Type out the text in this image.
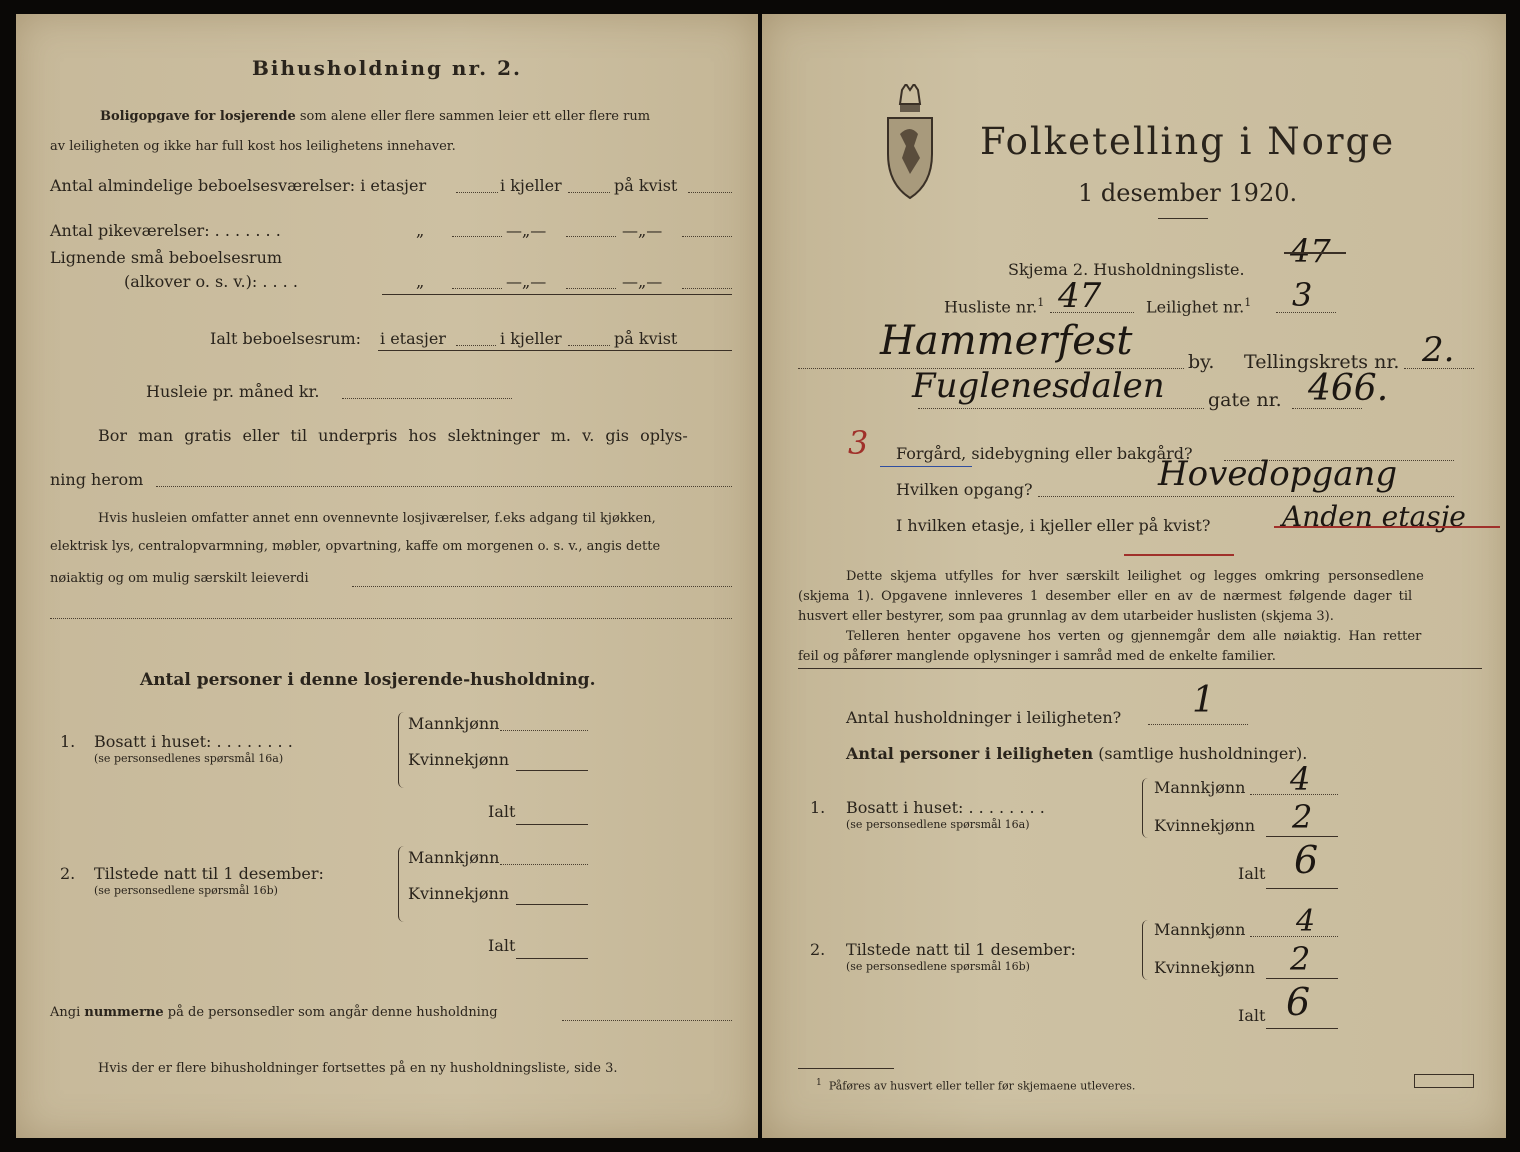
Bihusholdning nr. 2.
Boligopgave for losjerende som alene eller flere sammen leier ett eller flere rum
av leiligheten og ikke har full kost hos leilighetens innehaver.
Antal almindelige beboelsesværelser: i etasjer	i kjeller	på kvist
Antal pikeværelser: . . . . . . .	„	—„—	—„—
Lignende små beboelsesrum
(alkover o. s. v.): . . . .	„	—„—	—„—
Ialt beboelsesrum: i etasjer	i kjeller	på kvist
Husleie pr. måned kr.
Bor man gratis eller til underpris hos slektninger m. v. gis oplys-
ning herom
Hvis husleien omfatter annet enn ovennevnte losjiværelser, f.eks adgang til kjøkken,
elektrisk lys, centralopvarmning, møbler, opvartning, kaffe om morgenen o. s. v., angis dette
nøiaktig og om mulig særskilt leieverdi
Antal personer i denne losjerende-husholdning.
1. Bosatt i huset: . . . . . . . .
(se personsedlenes spørsmål 16a)
Mannkjønn
Kvinnekjønn
Ialt
2. Tilstede natt til 1 desember:
(se personsedlene spørsmål 16b)
Mannkjønn
Kvinnekjønn
Ialt
Angi nummerne på de personsedler som angår denne husholdning
Hvis der er flere bihusholdninger fortsettes på en ny husholdningsliste, side 3.
Folketelling i Norge
1 desember 1920.
Skjema 2. Husholdningsliste. 47
Husliste nr.$^1$ 47	Leilighet nr.$^1$ 3
Hammerfest	by. Tellingskrets nr. 2.
Fuglenesdalen gate nr. 466.
3 Forgård, sidebygning eller bakgård?
Hvilken opgang?	Hovedopgang
I hvilken etasje, i kjeller eller på kvist?	Anden etasje
Dette skjema utfylles for hver særskilt leilighet og legges omkring personsedlene
(skjema 1). Opgavene innleveres 1 desember eller en av de nærmest følgende dager til
husvert eller bestyrer, som paa grunnlag av dem utarbeider huslisten (skjema 3).
Telleren henter opgavene hos verten og gjennemgår dem alle nøiaktig. Han retter
feil og påfører manglende oplysninger i samråd med de enkelte familier.
Antal husholdninger i leiligheten? 1
Antal personer i leiligheten (samtlige husholdninger).
1. Bosatt i huset: . . . . . . . .
(se personsedlene spørsmål 16a)
Mannkjønn 4
Kvinnekjønn 2
Ialt 6
2. Tilstede natt til 1 desember:
(se personsedlene spørsmål 16b)
Mannkjønn 4
Kvinnekjønn 2
Ialt 6
$^1$ Påføres av husvert eller teller før skjemaene utleveres.
